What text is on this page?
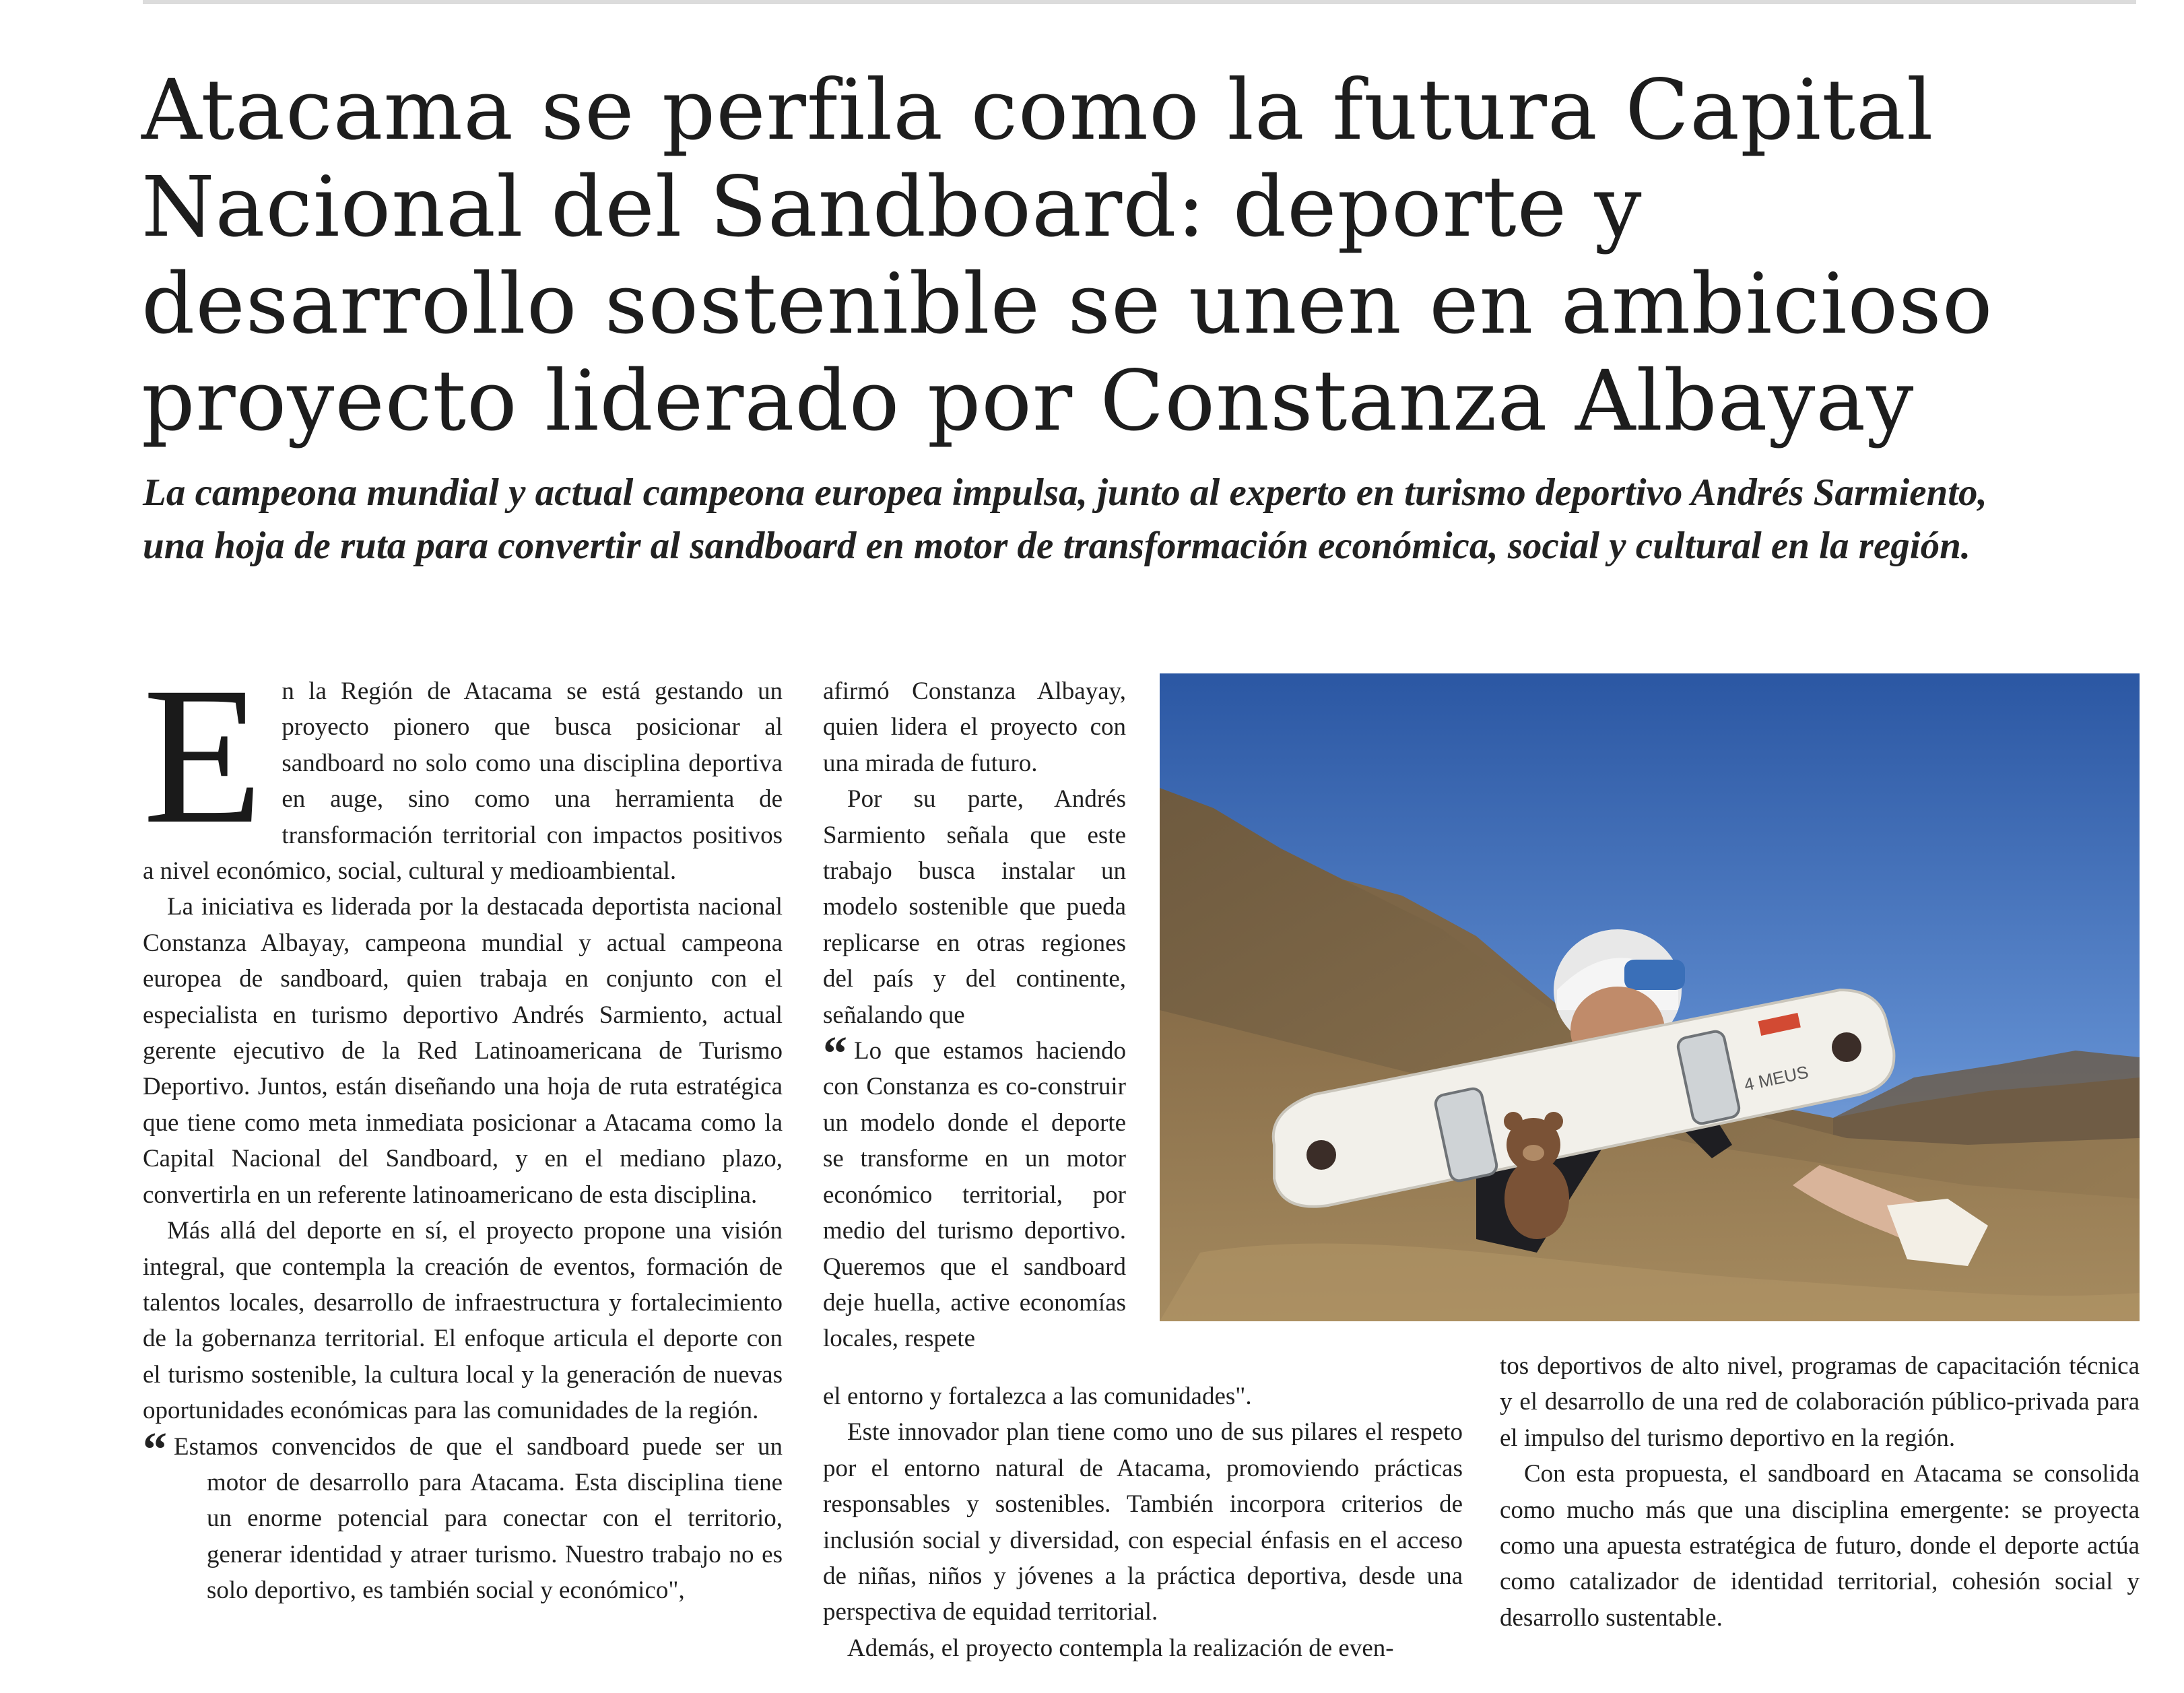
Atacama se perfila como la futura Capital Nacional del Sandboard: deporte y desarrollo sostenible se unen en ambicioso proyecto liderado por Constanza Albayay

La campeona mundial y actual campeona europea impulsa, junto al experto en turismo deportivo Andrés Sarmiento, una hoja de ruta para convertir al sandboard en motor de transformación económica, social y cultural en la región.

En la Región de Atacama se está gestando un proyecto pionero que busca posicionar al sandboard no solo como una disciplina deportiva en auge, sino como una herramienta de transformación territorial con impactos positivos a nivel económico, social, cultural y medioambiental.

La iniciativa es liderada por la destacada deportista nacional Constanza Albayay, campeona mundial y actual campeona europea de sandboard, quien trabaja en conjunto con el especialista en turismo deportivo Andrés Sarmiento, actual gerente ejecutivo de la Red Latinoamericana de Turismo Deportivo. Juntos, están diseñando una hoja de ruta estratégica que tiene como meta inmediata posicionar a Atacama como la Capital Nacional del Sandboard, y en el mediano plazo, convertirla en un referente latinoamericano de esta disciplina.

Más allá del deporte en sí, el proyecto propone una visión integral, que contempla la creación de eventos, formación de talentos locales, desarrollo de infraestructura y fortalecimiento de la gobernanza territorial. El enfoque articula el deporte con el turismo sostenible, la cultura local y la generación de nuevas oportunidades económicas para las comunidades de la región.

“ Estamos convencidos de que el sandboard puede ser un motor de desarrollo para Atacama. Esta disciplina tiene un enorme potencial para conectar con el territorio, generar identidad y atraer turismo. Nuestro trabajo no es solo deportivo, es también social y económico",

afirmó Constanza Albayay, quien lidera el proyecto con una mirada de futuro.

Por su parte, Andrés Sarmiento señala que este trabajo busca instalar un modelo sostenible que pueda replicarse en otras regiones del país y del continente, señalando que

“ Lo que estamos haciendo con Constanza es co-construir un modelo donde el deporte se transforme en un motor económico territorial, por medio del turismo deportivo. Queremos que el sandboard deje huella, active economías locales, respete

el entorno y fortalezca a las comunidades".

Este innovador plan tiene como uno de sus pilares el respeto por el entorno natural de Atacama, promoviendo prácticas responsables y sostenibles. También incorpora criterios de inclusión social y diversidad, con especial énfasis en el acceso de niñas, niños y jóvenes a la práctica deportiva, desde una perspectiva de equidad territorial.

Además, el proyecto contempla la realización de even-

tos deportivos de alto nivel, programas de capacitación técnica y el desarrollo de una red de colaboración público-privada para el impulso del turismo deportivo en la región.

Con esta propuesta, el sandboard en Atacama se consolida como mucho más que una disciplina emergente: se proyecta como una apuesta estratégica de futuro, donde el deporte actúa como catalizador de identidad territorial, cohesión social y desarrollo sustentable.

4 MEUS
